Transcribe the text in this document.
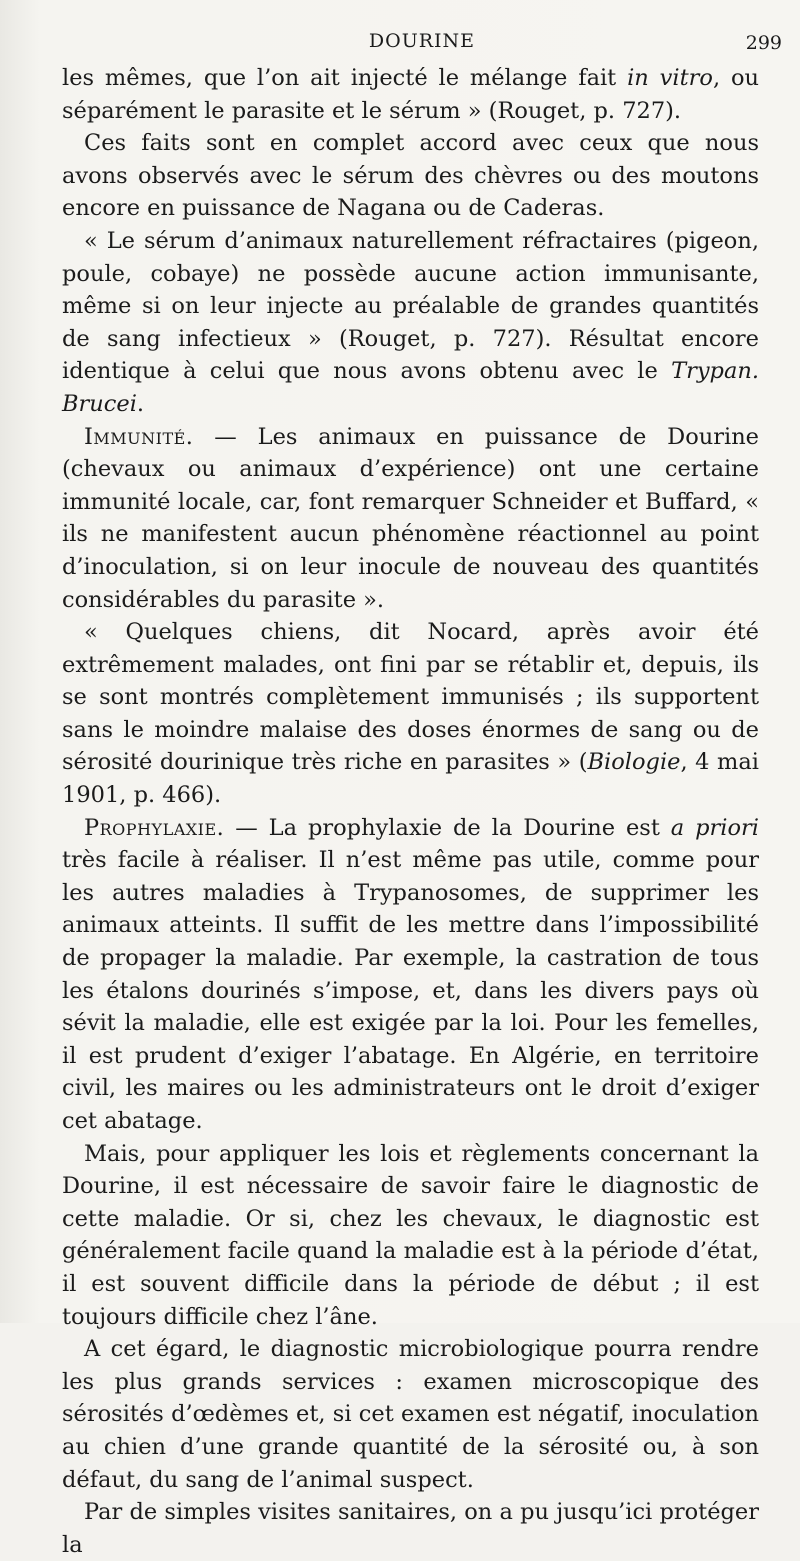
DOURINE	299

les mêmes, que l’on ait injecté le mélange fait in vitro, ou séparément le parasite et le sérum » (Rouget, p. 727).

Ces faits sont en complet accord avec ceux que nous avons observés avec le sérum des chèvres ou des moutons encore en puissance de Nagana ou de Caderas.

« Le sérum d’animaux naturellement réfractaires (pigeon, poule, cobaye) ne possède aucune action immunisante, même si on leur injecte au préalable de grandes quantités de sang infectieux » (Rouget, p. 727). Résultat encore identique à celui que nous avons obtenu avec le Trypan. Brucei.

Immunité. — Les animaux en puissance de Dourine (chevaux ou animaux d’expérience) ont une certaine immunité locale, car, font remarquer Schneider et Buffard, « ils ne manifestent aucun phénomène réactionnel au point d’inoculation, si on leur inocule de nouveau des quantités considérables du parasite ».

« Quelques chiens, dit Nocard, après avoir été extrêmement malades, ont fini par se rétablir et, depuis, ils se sont montrés complètement immunisés ; ils supportent sans le moindre malaise des doses énormes de sang ou de sérosité dourinique très riche en parasites » (Biologie, 4 mai 1901, p. 466).

Prophylaxie. — La prophylaxie de la Dourine est a priori très facile à réaliser. Il n’est même pas utile, comme pour les autres maladies à Trypanosomes, de supprimer les animaux atteints. Il suffit de les mettre dans l’impossibilité de propager la maladie. Par exemple, la castration de tous les étalons dourinés s’impose, et, dans les divers pays où sévit la maladie, elle est exigée par la loi. Pour les femelles, il est prudent d’exiger l’abatage. En Algérie, en territoire civil, les maires ou les administrateurs ont le droit d’exiger cet abatage.

Mais, pour appliquer les lois et règlements concernant la Dourine, il est nécessaire de savoir faire le diagnostic de cette maladie. Or si, chez les chevaux, le diagnostic est généralement facile quand la maladie est à la période d’état, il est souvent difficile dans la période de début ; il est toujours difficile chez l’âne.

A cet égard, le diagnostic microbiologique pourra rendre les plus grands services : examen microscopique des sérosités d’œdèmes et, si cet examen est négatif, inoculation au chien d’une grande quantité de la sérosité ou, à son défaut, du sang de l’animal suspect.

Par de simples visites sanitaires, on a pu jusqu’ici protéger la
